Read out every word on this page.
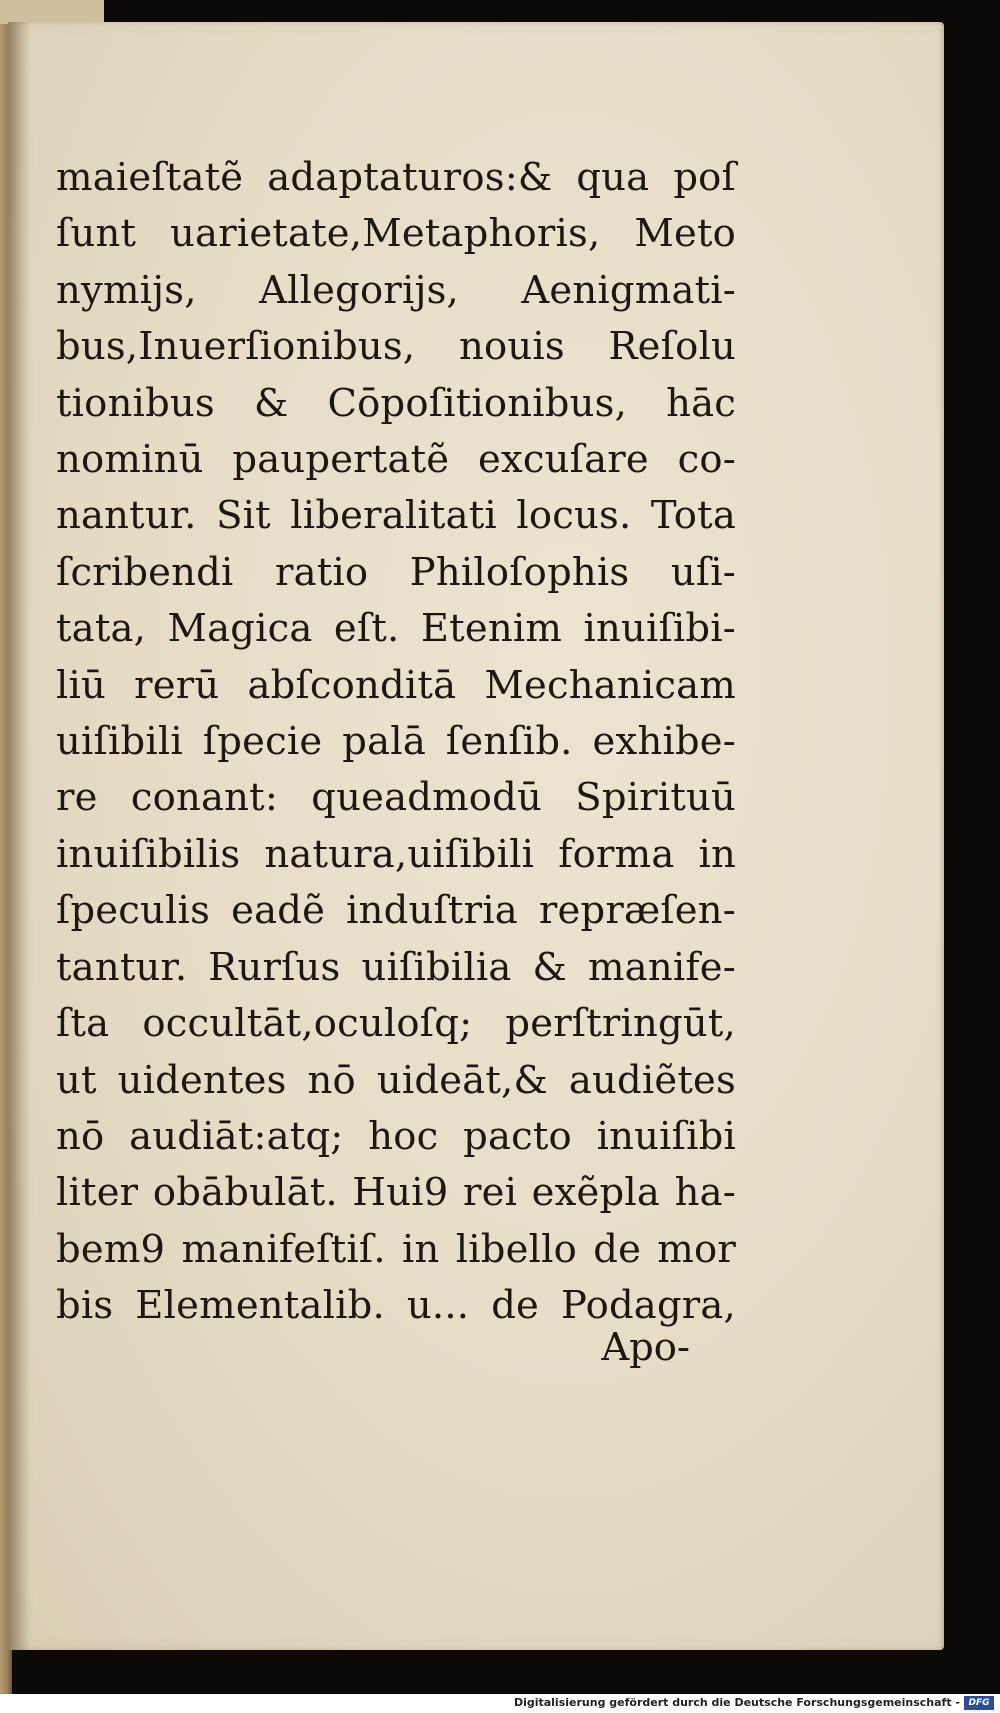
maieſtatẽ adaptaturos:& qua poſ
ſunt uarietate,Metaphoris, Meto
nymijs, Allegorijs, Aenigmati-
bus,Inuerſionibus, nouis Reſolu
tionibus & Cōpoſitionibus, hāc
nominū paupertatẽ excuſare co-
nantur. Sit liberalitati locus. Tota
ſcribendi ratio Philoſophis uſi-
tata, Magica eſt. Etenim inuiſibi-
liū rerū abſconditā Mechanicam
uiſibili ſpecie palā ſenſib. exhibe-
re conant: queadmodū Spirituū
inuiſibilis natura,uiſibili forma in
ſpeculis eadẽ induſtria repræſen-
tantur. Rurſus uiſibilia & manife-
ſta occultāt,oculoſq; perſtringūt,
ut uidentes nō uideāt,& audiẽtes
nō audiāt:atq; hoc pacto inuiſibi
liter obābulāt. Hui9 rei exẽpla ha-
bem9 manifeſtiſ. in libello de mor
bis Elementalib. u... de Podagra,
Apo-
Digitalisierung gefördert durch die Deutsche Forschungsgemeinschaft - DFG
